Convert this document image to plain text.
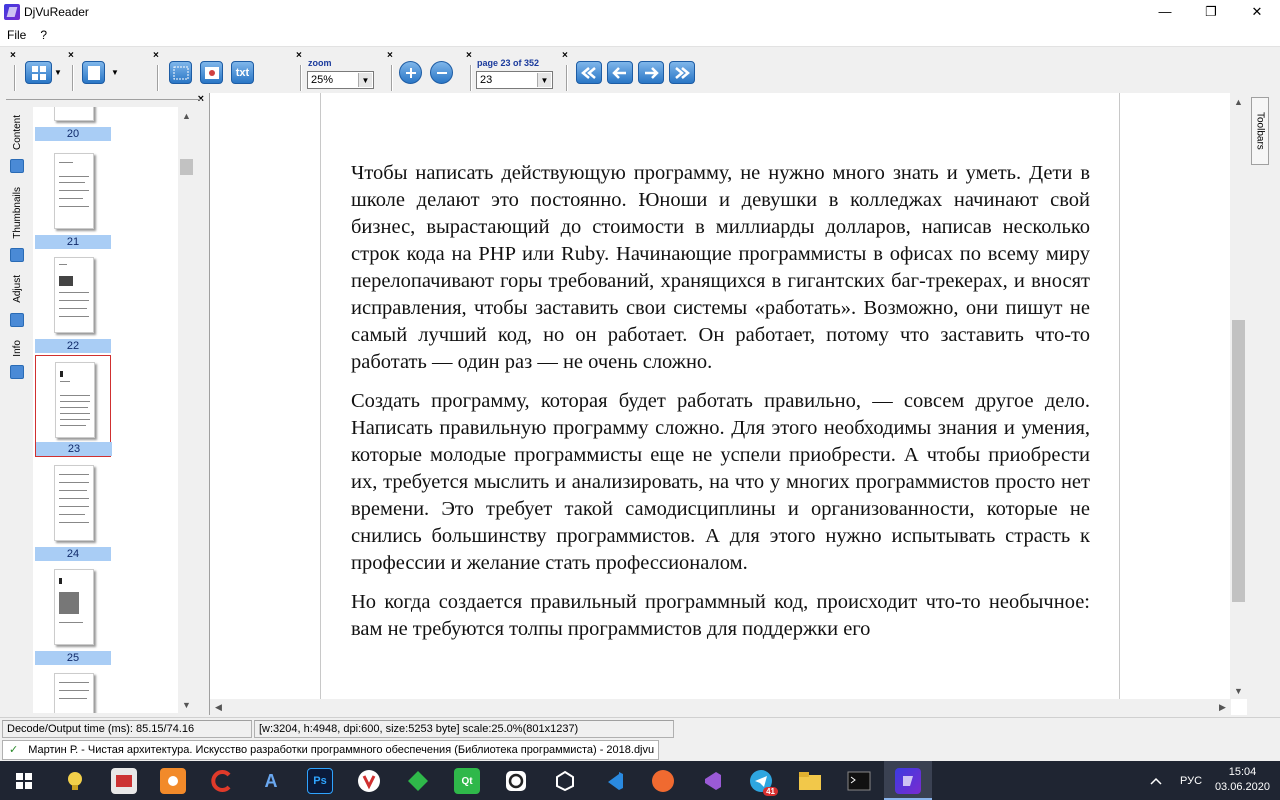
DjVuReader	—	❐	✕
File	?
×
▼
×
▼
×
txt
×
zoom
25%	▼
×	×
page 23 of 352
23	▼
×
×
Content
Thumbnails
Adjust
Info
20
21
22
23
24
25
▲
▼

Чтобы написать действующую программу, не нужно много знать и уметь. Дети в школе делают это постоянно. Юноши и девушки в колледжах начинают свой бизнес, вырастающий до стоимости в миллиарды долларов, написав несколько строк кода на PHP или Ruby. Начинающие программисты в офисах по всему миру перелопачивают горы требований, хранящихся в гигантских баг-трекерах, и вносят исправления, чтобы заставить свои системы «работать». Возможно, они пишут не самый лучший код, но он работает. Он работает, потому что заставить что-то работать — один раз — не очень сложно.

Создать программу, которая будет работать правильно, — совсем другое дело. Написать правильную программу сложно. Для этого необходимы знания и умения, которые молодые программисты еще не успели приобрести. А чтобы приобрести их, требуется мыслить и анализировать, на что у многих программистов просто нет времени. Это требует такой самодисциплины и организованности, которые не снились большинству программистов. А для этого нужно испытывать страсть к профессии и желание стать профессионалом.

Но когда создается правильный программный код, происходит что-то необычное: вам не требуются толпы программистов для поддержки его

▲
▼
◀	▶
Toolbars
Decode/Output time (ms): 85.15/74.16	[w:3204, h:4948, dpi:600, size:5253 byte] scale:25.0%(801x1237)
✓ Мартин Р. - Чистая архитектура. Искусство разработки программного обеспечения (Библиотека программиста) - 2018.djvu
A	Ps	Qt
41
РУС
15:04
03.06.2020
